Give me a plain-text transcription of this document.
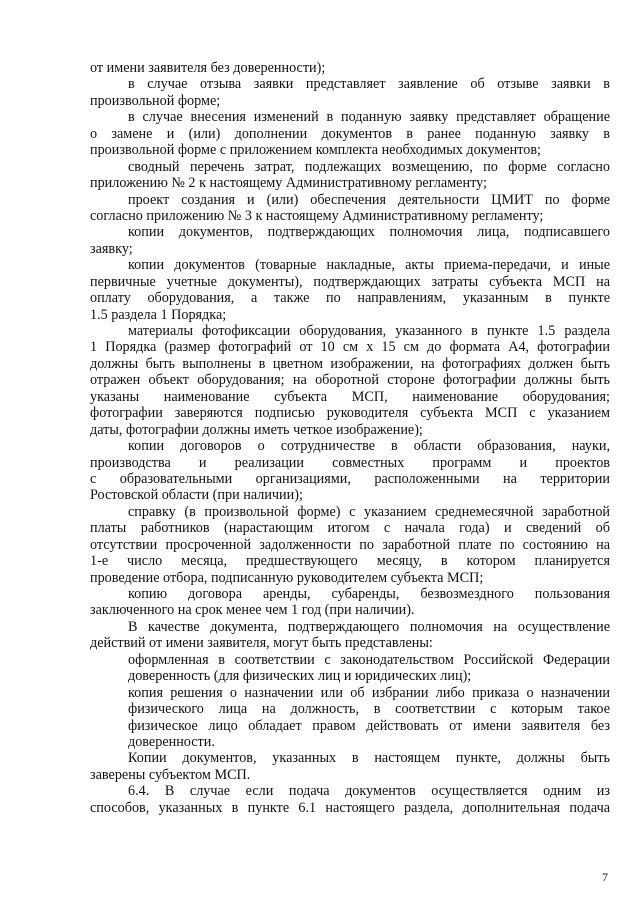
от имени заявителя без доверенности);
в случае отзыва заявки представляет заявление об отзыве заявки в
произвольной форме;
в случае внесения изменений в поданную заявку представляет обращение
о замене и (или) дополнении документов в ранее поданную заявку в
произвольной форме с приложением комплекта необходимых документов;
сводный перечень затрат, подлежащих возмещению, по форме согласно
приложению № 2 к настоящему Административному регламенту;
проект создания и (или) обеспечения деятельности ЦМИТ по форме
согласно приложению № 3 к настоящему Административному регламенту;
копии документов, подтверждающих полномочия лица, подписавшего
заявку;
копии документов (товарные накладные, акты приема-передачи, и иные
первичные учетные документы), подтверждающих затраты субъекта МСП на
оплату оборудования, а также по направлениям, указанным в пункте
1.5 раздела 1 Порядка;
материалы фотофиксации оборудования, указанного в пункте 1.5 раздела
1 Порядка (размер фотографий от 10 см х 15 см до формата А4, фотографии
должны быть выполнены в цветном изображении, на фотографиях должен быть
отражен объект оборудования; на оборотной стороне фотографии должны быть
указаны наименование субъекта МСП, наименование оборудования;
фотографии заверяются подписью руководителя субъекта МСП с указанием
даты, фотографии должны иметь четкое изображение);
копии договоров о сотрудничестве в области образования, науки,
производства и реализации совместных программ и проектов
с образовательными организациями, расположенными на территории
Ростовской области (при наличии);
справку (в произвольной форме) с указанием среднемесячной заработной
платы работников (нарастающим итогом с начала года) и сведений об
отсутствии просроченной задолженности по заработной плате по состоянию на
1-е число месяца, предшествующего месяцу, в котором планируется
проведение отбора, подписанную руководителем субъекта МСП;
копию договора аренды, субаренды, безвозмездного пользования
заключенного на срок менее чем 1 год (при наличии).
В качестве документа, подтверждающего полномочия на осуществление
действий от имени заявителя, могут быть представлены:
оформленная в соответствии с законодательством Российской Федерации
доверенность (для физических лиц и юридических лиц);
копия решения о назначении или об избрании либо приказа о назначении
физического лица на должность, в соответствии с которым такое
физическое лицо обладает правом действовать от имени заявителя без
доверенности.
Копии документов, указанных в настоящем пункте, должны быть
заверены субъектом МСП.
6.4. В случае если подача документов осуществляется одним из
способов, указанных в пункте 6.1 настоящего раздела, дополнительная подача
7
